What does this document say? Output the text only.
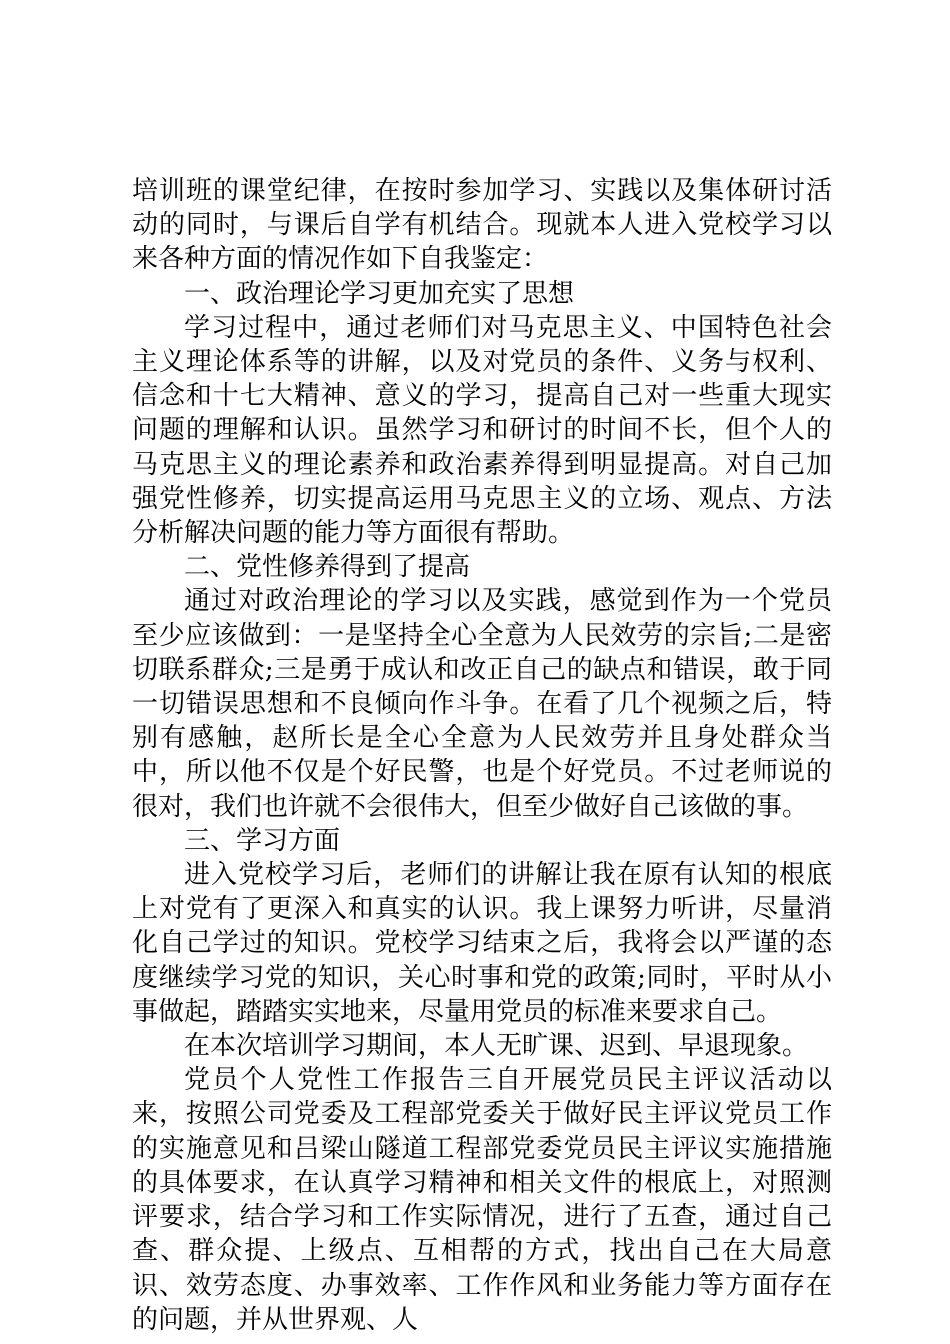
培训班的课堂纪律，在按时参加学习、实践以及集体研讨活动的同时，与课后自学有机结合。现就本人进入党校学习以来各种方面的情况作如下自我鉴定：

一、政治理论学习更加充实了思想

学习过程中，通过老师们对马克思主义、中国特色社会主义理论体系等的讲解，以及对党员的条件、义务与权利、信念和十七大精神、意义的学习，提高自己对一些重大现实问题的理解和认识。虽然学习和研讨的时间不长，但个人的马克思主义的理论素养和政治素养得到明显提高。对自己加强党性修养，切实提高运用马克思主义的立场、观点、方法分析解决问题的能力等方面很有帮助。

二、党性修养得到了提高

通过对政治理论的学习以及实践，感觉到作为一个党员至少应该做到：一是坚持全心全意为人民效劳的宗旨;二是密切联系群众;三是勇于成认和改正自己的缺点和错误，敢于同一切错误思想和不良倾向作斗争。在看了几个视频之后，特别有感触，赵所长是全心全意为人民效劳并且身处群众当中，所以他不仅是个好民警，也是个好党员。不过老师说的很对，我们也许就不会很伟大，但至少做好自己该做的事。

三、学习方面

进入党校学习后，老师们的讲解让我在原有认知的根底上对党有了更深入和真实的认识。我上课努力听讲，尽量消化自己学过的知识。党校学习结束之后，我将会以严谨的态度继续学习党的知识，关心时事和党的政策;同时，平时从小事做起，踏踏实实地来，尽量用党员的标准来要求自己。

在本次培训学习期间，本人无旷课、迟到、早退现象。

党员个人党性工作报告三自开展党员民主评议活动以来，按照公司党委及工程部党委关于做好民主评议党员工作的实施意见和吕梁山隧道工程部党委党员民主评议实施措施的具体要求，在认真学习精神和相关文件的根底上，对照测评要求，结合学习和工作实际情况，进行了五查，通过自己查、群众提、上级点、互相帮的方式，找出自己在大局意识、效劳态度、办事效率、工作作风和业务能力等方面存在的问题，并从世界观、人
